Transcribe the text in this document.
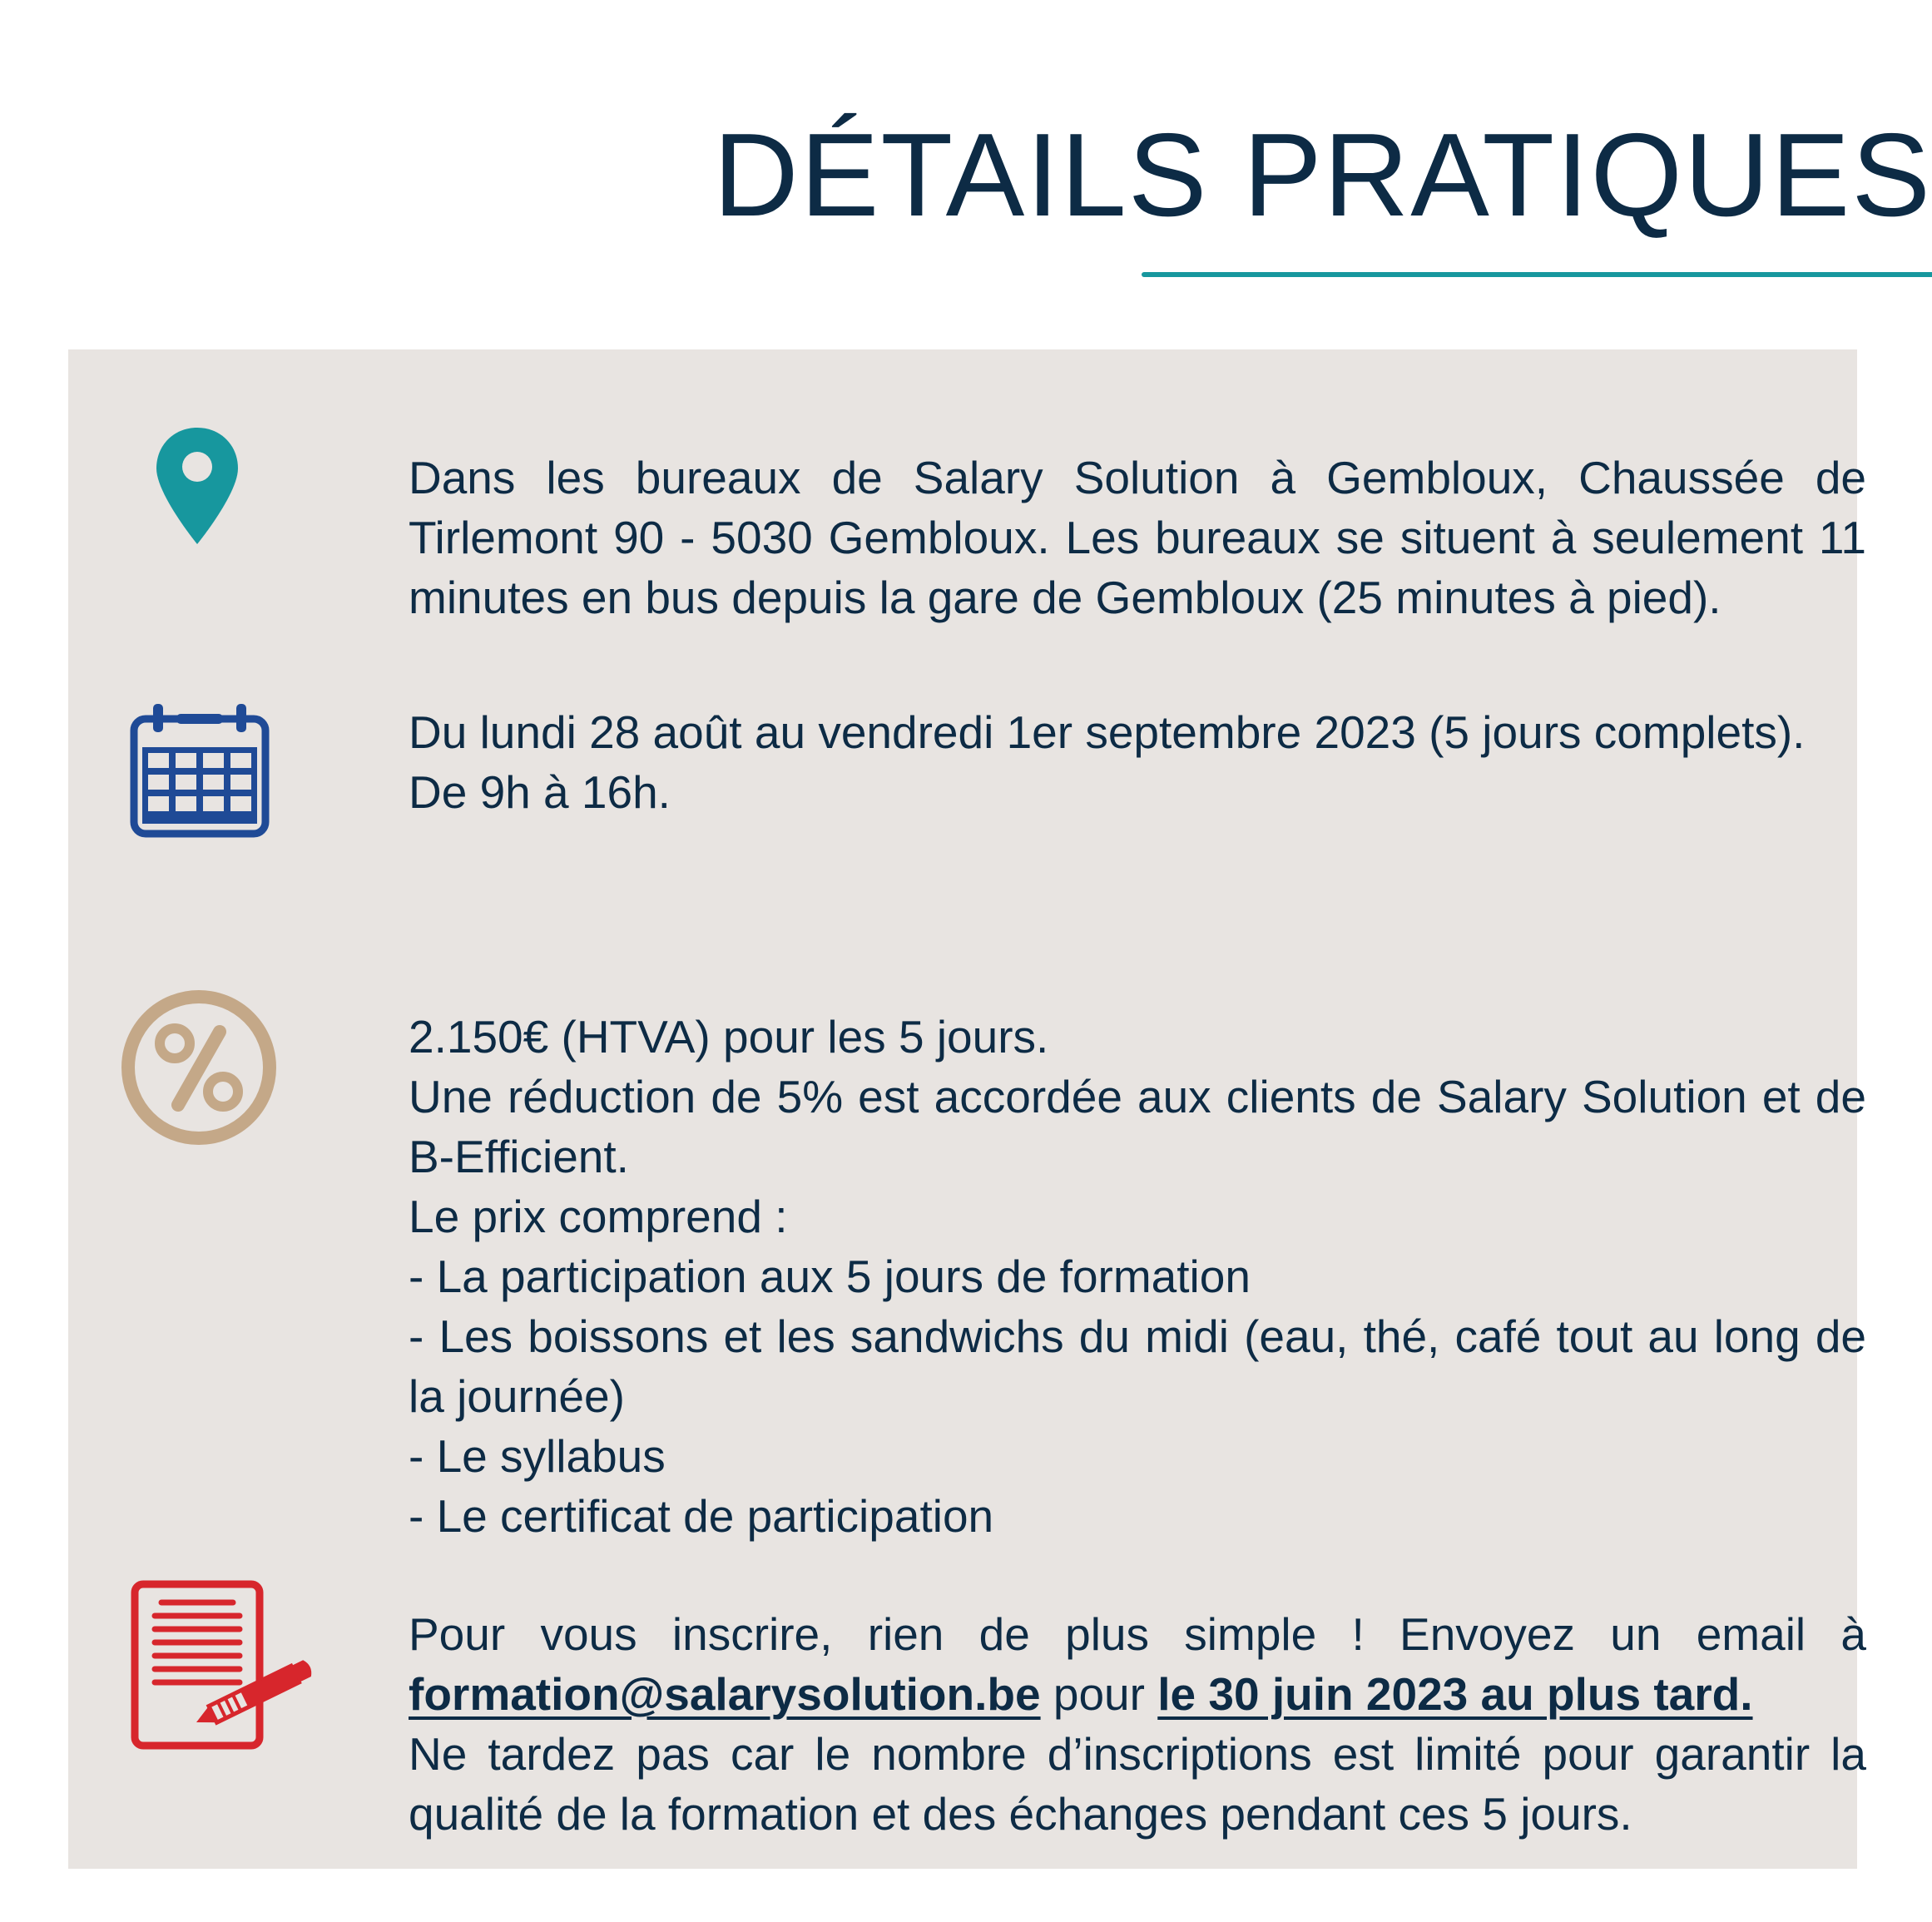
DÉTAILS PRATIQUES

Dans les bureaux de Salary Solution à Gembloux, Chaussée de Tirlemont 90 - 5030 Gembloux. Les bureaux se situent à seulement 11 minutes en bus depuis la gare de Gembloux (25 minutes à pied).

Du lundi 28 août au vendredi 1er septembre 2023 (5 jours complets).

De 9h à 16h.

2.150€ (HTVA) pour les 5 jours.

Une réduction de 5% est accordée aux clients de Salary Solution et de B-Efficient.

Le prix comprend :

- La participation aux 5 jours de formation

- Les boissons et les sandwichs du midi (eau, thé, café tout au long de la journée)

- Le syllabus

- Le certificat de participation

Pour vous inscrire, rien de plus simple ! Envoyez un email à formation@salarysolution.be pour le 30 juin 2023 au plus tard.

Ne tardez pas car le nombre d’inscriptions est limité pour garantir la qualité de la formation et des échanges pendant ces 5 jours.
